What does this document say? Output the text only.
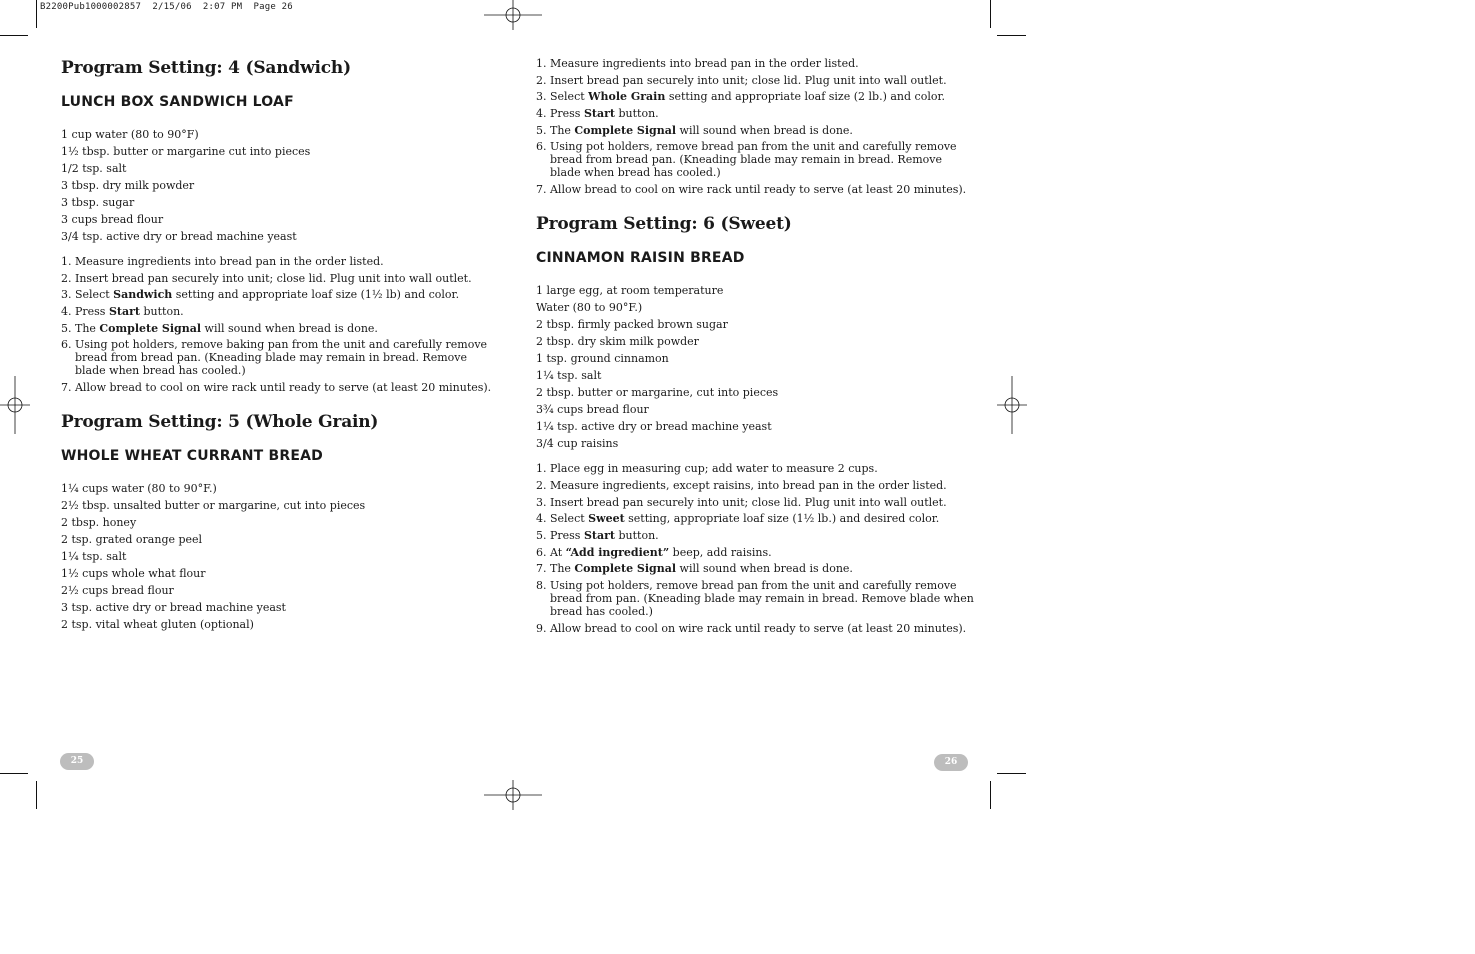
B2200Pub1000002857  2/15/06  2:07 PM  Page 26
Program Setting: 4 (Sandwich)
LUNCH BOX SANDWICH LOAF
1 cup water (80 to 90°F)
1½ tbsp. butter or margarine cut into pieces
1/2 tsp. salt
3 tbsp. dry milk powder
3 tbsp. sugar
3 cups bread flour
3/4 tsp. active dry or bread machine yeast
1. Measure ingredients into bread pan in the order listed.
2. Insert bread pan securely into unit; close lid. Plug unit into wall outlet.
3. Select Sandwich setting and appropriate loaf size (1½ lb) and color.
4. Press Start button.
5. The Complete Signal will sound when bread is done.
6. Using pot holders, remove baking pan from the unit and carefully remove bread from bread pan. (Kneading blade may remain in bread. Remove blade when bread has cooled.)
7. Allow bread to cool on wire rack until ready to serve (at least 20 minutes).
Program Setting: 5 (Whole Grain)
WHOLE WHEAT CURRANT BREAD
1¼ cups water (80 to 90°F.)
2½ tbsp. unsalted butter or margarine, cut into pieces
2 tbsp. honey
2 tsp. grated orange peel
1¼ tsp. salt
1½ cups whole what flour
2½ cups bread flour
3 tsp. active dry or bread machine yeast
2 tsp. vital wheat gluten (optional)
1. Measure ingredients into bread pan in the order listed.
2. Insert bread pan securely into unit; close lid. Plug unit into wall outlet.
3. Select Whole Grain setting and appropriate loaf size (2 lb.) and color.
4. Press Start button.
5. The Complete Signal will sound when bread is done.
6. Using pot holders, remove bread pan from the unit and carefully remove bread from bread pan. (Kneading blade may remain in bread. Remove blade when bread has cooled.)
7. Allow bread to cool on wire rack until ready to serve (at least 20 minutes).
Program Setting: 6 (Sweet)
CINNAMON RAISIN BREAD
1 large egg, at room temperature
Water (80 to 90°F.)
2 tbsp. firmly packed brown sugar
2 tbsp. dry skim milk powder
1 tsp. ground cinnamon
1¼ tsp. salt
2 tbsp. butter or margarine, cut into pieces
3¾ cups bread flour
1¼ tsp. active dry or bread machine yeast
3/4 cup raisins
1. Place egg in measuring cup; add water to measure 2 cups.
2. Measure ingredients, except raisins, into bread pan in the order listed.
3. Insert bread pan securely into unit; close lid. Plug unit into wall outlet.
4. Select Sweet setting, appropriate loaf size (1½ lb.) and desired color.
5. Press Start button.
6. At “Add ingredient” beep, add raisins.
7. The Complete Signal will sound when bread is done.
8. Using pot holders, remove bread pan from the unit and carefully remove bread from pan. (Kneading blade may remain in bread. Remove blade when bread has cooled.)
9. Allow bread to cool on wire rack until ready to serve (at least 20 minutes).
25	26
